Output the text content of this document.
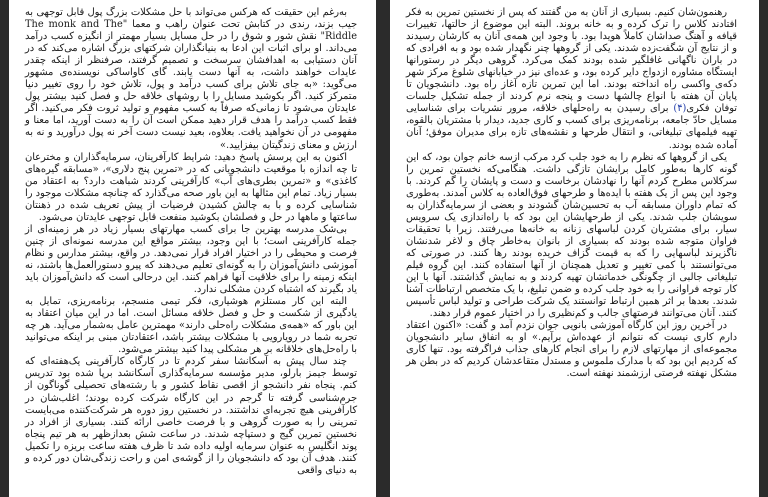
به‌رغم این حقیقت که هرکس می‌تواند با حل مشکلات بزرگ پول قابل توجهی به جیب بزند، رندی در کتابش تحت عنوان راهب و معما "The monk and The Riddle" نقش شور و شوق را در حل مسایل بسیار مهمتر از انگیزه کسب درآمد می‌داند. او برای اثبات این ادعا به بنیانگذاران شرکتهای بزرگ اشاره می‌کند که در آنان دستیابی به اهدافشان سرسخت و تصمیم گرفتند، صرفنظر از اینکه چقدر عایدات خواهند داشت، به آنها دست یابند. گای کاواساکی نویسنده‌ی مشهور می‌گوید: «به جای تلاش برای کسب درآمد و پول، تلاش خود را روی تغییر دنیا متمرکز کنید. اگر بکوشید مسایل را با روشهای خلاقه حل و فصل کنید بیشتر پول عایدتان می‌شود تا زمانی‌که صرفاً به کسب مفهوم و تولید ثروت فکر می‌کنید. اگر فقط کسب درآمد را هدف قرار دهید ممکن است آن را به دست آورید، اما معنا و مفهومی در آن نخواهید یافت. بعلاوه، بعید نیست دست آخر نه پول درآورید و نه به ارزش و معنای زندگیتان بیفزایید.»

اکنون به این پرسش پاسخ دهید: شرایط کارآفرینان، سرمایه‌گذاران و مخترعان تا چه اندازه با موقعیت دانشجویانی که در «تمرین پنج دلاری»، «مسابقه گیره‌های کاغذی» و «تمرین بطری‌های آب» کارآفرینی کردند شباهت دارد؟ به اعتقاد من بسیار زیاد. تمام این مثالها به این باور صحه می‌گذارد که چنانچه مشکلات موجود را شناسایی کرده و با به چالش کشیدن فرضیات از پیش تعریف شده در ذهنتان ساعتها و ماهها در حل و فصلشان بکوشید منفعت قابل توجهی عایدتان می‌شود.

بی‌شک مدرسه بهترین جا برای کسب مهارتهای بسیار زیاد در هر زمینه‌ای از جمله کارآفرینی است؛ با این وجود، بیشتر مواقع این مدرسه نمونه‌ای از چنین فرصت و محیطی را در اختیار افراد قرار نمی‌دهد. در واقع، بیشتر مدارس و نظام آموزشی دانش‌آموزان را به گونه‌ای تعلیم می‌دهند که پیرو دستورالعمل‌ها باشند، نه اینکه زمینه را برای خلاقیت آنها فراهم کنند. این درحالی است که دانش‌آموزان باید یاد بگیرند که اشتباه کردن مشکلی ندارد.

البته این کار مستلزم هوشیاری، فکر تیمی منسجم، برنامه‌ریزی، تمایل به یادگیری از شکست و حل و فصل خلاقه مسائل است. اما در این میان اعتقاد به این باور که «همه‌ی مشکلات راه‌حلی دارند» مهمترین عامل به‌شمار می‌آید. هر چه تجربه شما در رویارویی با مشکلات بیشتر باشد، اعتقادتان مبنی بر اینکه می‌توانید با راه‌حل‌های خلاقانه بر هر مشکلی پیدا کنید بیشتر می‌شود.

چند سال پیش به آسکانشا سفر کردم تا در کارگاه کارآفرینی یک‌هفته‌ای که توسط جیمز بارلو، مدیر مؤسسه سرمایه‌گذاری آسکانشد برپا شده بود تدریس کنم. پنجاه نفر دانشجو از اقصی نقاط کشور و با رشته‌های تحصیلی گوناگون از جرم‌شناسی گرفته تا گرجم در این کارگاه شرکت کرده بودند؛ اغلب‌شان در کارآفرینی هیچ تجربه‌ای نداشتند. در نخستین روز دوره هر شرکت‌کننده می‌بایست تمرینی را به صورت گروهی و با فرصت خاصی ارائه کنند. بسیاری از افراد در نخستین تمرین گیج و دستپاچه شدند. در ساعت شش بعدازظهر به هر تیم پنجاه پوند انگلیس به عنوان سرمایه اولیه داده شد تا ظرف هفته ساعت بریزه را تکمیل کنند. هدف آن بود که دانشجویان را از گوشه‌ی امن و راحت زندگی‌شان دور کرده و به دنیای واقعی

رهنمون‌شان کنیم. بسیاری از آنان به من گفتند که پس از نخستین تمرین به فکر افتادند کلاس را ترک کرده و به خانه بروند. البته این موضوع از حالتها، تغییرات قیافه و آهنگ صداشان کاملاً هویدا بود. با وجود این همه‌ی آنان به کارشان رسیدند و از نتایج آن شگفت‌زده شدند. یکی از گروهها چنر نگهدار شده بود و به افرادی که در باران ناگهانی غافلگیر شده بودند کمک می‌کرد. گروهی دیگر در رستورانها ایستگاه مشاوره ازدواج دایر کرده بود، و عده‌ای نیز در خیابانهای شلوغ مرکز شهر دکه‌ی واکسی راه انداخته بودند. اما این تمرین تازه آغاز راه بود. دانشجویان تا پایان آن هفته با انواع چالشها دست و پنجه نرم کردند از جمله تشکیل جلسات توفان فکری(۴) برای رسیدن به راه‌حلهای خلاقه، مرور نشریات برای شناسایی مسایل حادّ جامعه، برنامه‌ریزی برای کسب و کاری جدید، دیدار با مشتریان بالقوه، تهیه فیلمهای تبلیغاتی، و انتقال طرحها و نقشه‌های تازه برای مدیران موفق؛ آنان آماده شده بودند.

یکی از گروهها که نظرم را به خود جلب کرد مرکب ازسه خانم جوان بود، که این گونه کارها به‌طور کامل برایشان تازگی داشت. هنگامی‌که نخستین تمرین را سرکلاس مطرح کردم آنها را نهادشان برخاست و دست و پایشان را گم کردند. با وجود این پس از یک هفته با ایده‌ها و طرحهای فوق‌العاده به کلاس آمدند. به‌طوری که تمام داوران مسابقه آب به تحسین‌شان گشودند و بعضی از سرمایه‌گذاران به سویشان جلب شدند. یکی از طرحهایشان این بود که با راه‌اندازی یک سرویس سیار، برای مشتریان کردن لباسهای زنانه به خانه‌ها می‌رفتند. زیرا با تحقیقات فراوان متوجه شده بودند که بسیاری از بانوان به‌خاطر چاق و لاغر شدنشان ناگزیرند لباسهایی را که به قیمت گزاف خریده بودند رها کنند. در صورتی که می‌توانستند با کمی تغییر و تعدیل همچنان از آنها استفاده کنند. این گروه فیلم تبلیغاتی جالبی از چگونگی خدماتشان تهیه کردند و به نمایش گذاشتند. آنها با این کار توجه فراوانی را به خود جلب کرده و ضمن تبلیغ، با یک متخصص ارتباطات آشنا شدند. بعدها بر اثر همین ارتباط توانستند یک شرکت طراحی و تولید لباس تأسیس کنند. آنان می‌توانند فرصتهای جالب و کم‌نظیری را در اختیار عموم قرار دهند.

در آخرین روز این کارگاه آموزشی بانویی جوان نزدم آمد و گفت: «اکنون اعتقاد دارم کاری نیست که نتوانم از عهده‌اش برآیم.» او به اتفاق سایر دانشجویان مجموعه‌ای از مهارتهای لازم را برای انجام کارهای جذاب فراگرفته بود. تنها کاری که کردیم این بود که با مدارک ملموس و مستدل متقاعدشان کردیم که در بطن هر مشکل نهفته فرصتی ارزشمند نهفته است.
